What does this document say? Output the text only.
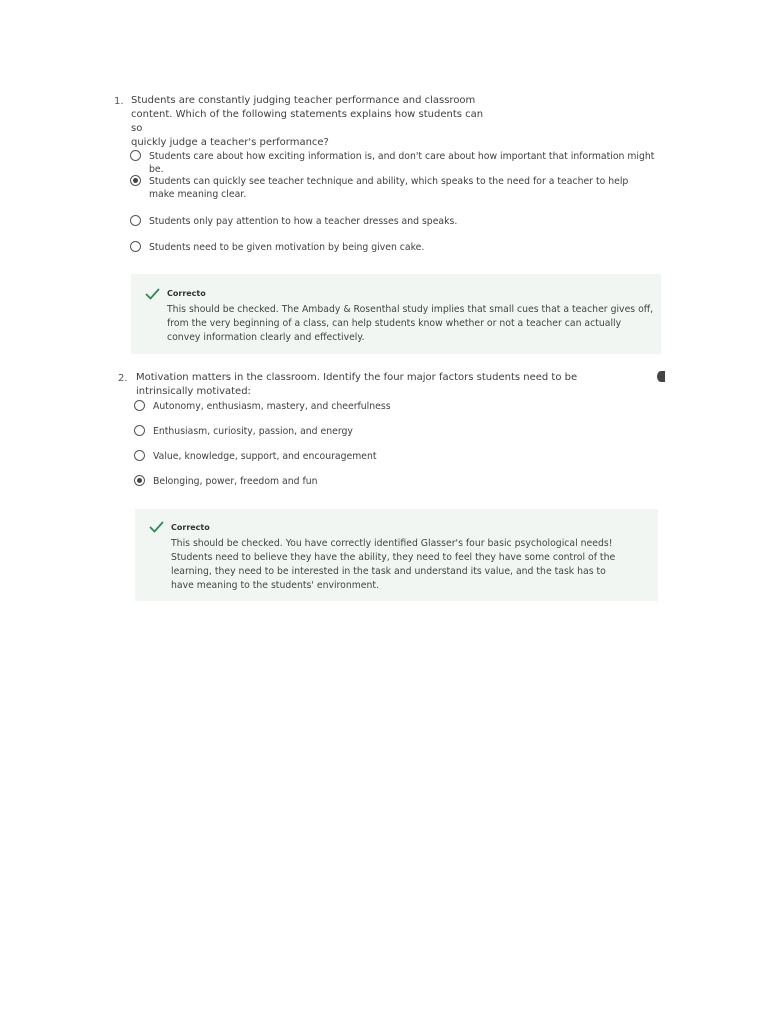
1. Students are constantly judging teacher performance and classroom
content. Which of the following statements explains how students can so
quickly judge a teacher's performance?
Students care about how exciting information is, and don't care about how important that information might be.
Students can quickly see teacher technique and ability, which speaks to the need for a teacher to help make meaning clear.
Students only pay attention to how a teacher dresses and speaks.
Students need to be given motivation by being given cake.
Correcto
This should be checked. The Ambady & Rosenthal study implies that small cues that a teacher gives off, from the very beginning of a class, can help students know whether or not a teacher can actually convey information clearly and effectively.
2. Motivation matters in the classroom. Identify the four major factors students need to be intrinsically motivated:
Autonomy, enthusiasm, mastery, and cheerfulness
Enthusiasm, curiosity, passion, and energy
Value, knowledge, support, and encouragement
Belonging, power, freedom and fun
Correcto
This should be checked. You have correctly identified Glasser's four basic psychological needs! Students need to believe they have the ability, they need to feel they have some control of the learning, they need to be interested in the task and understand its value, and the task has to have meaning to the students' environment.
